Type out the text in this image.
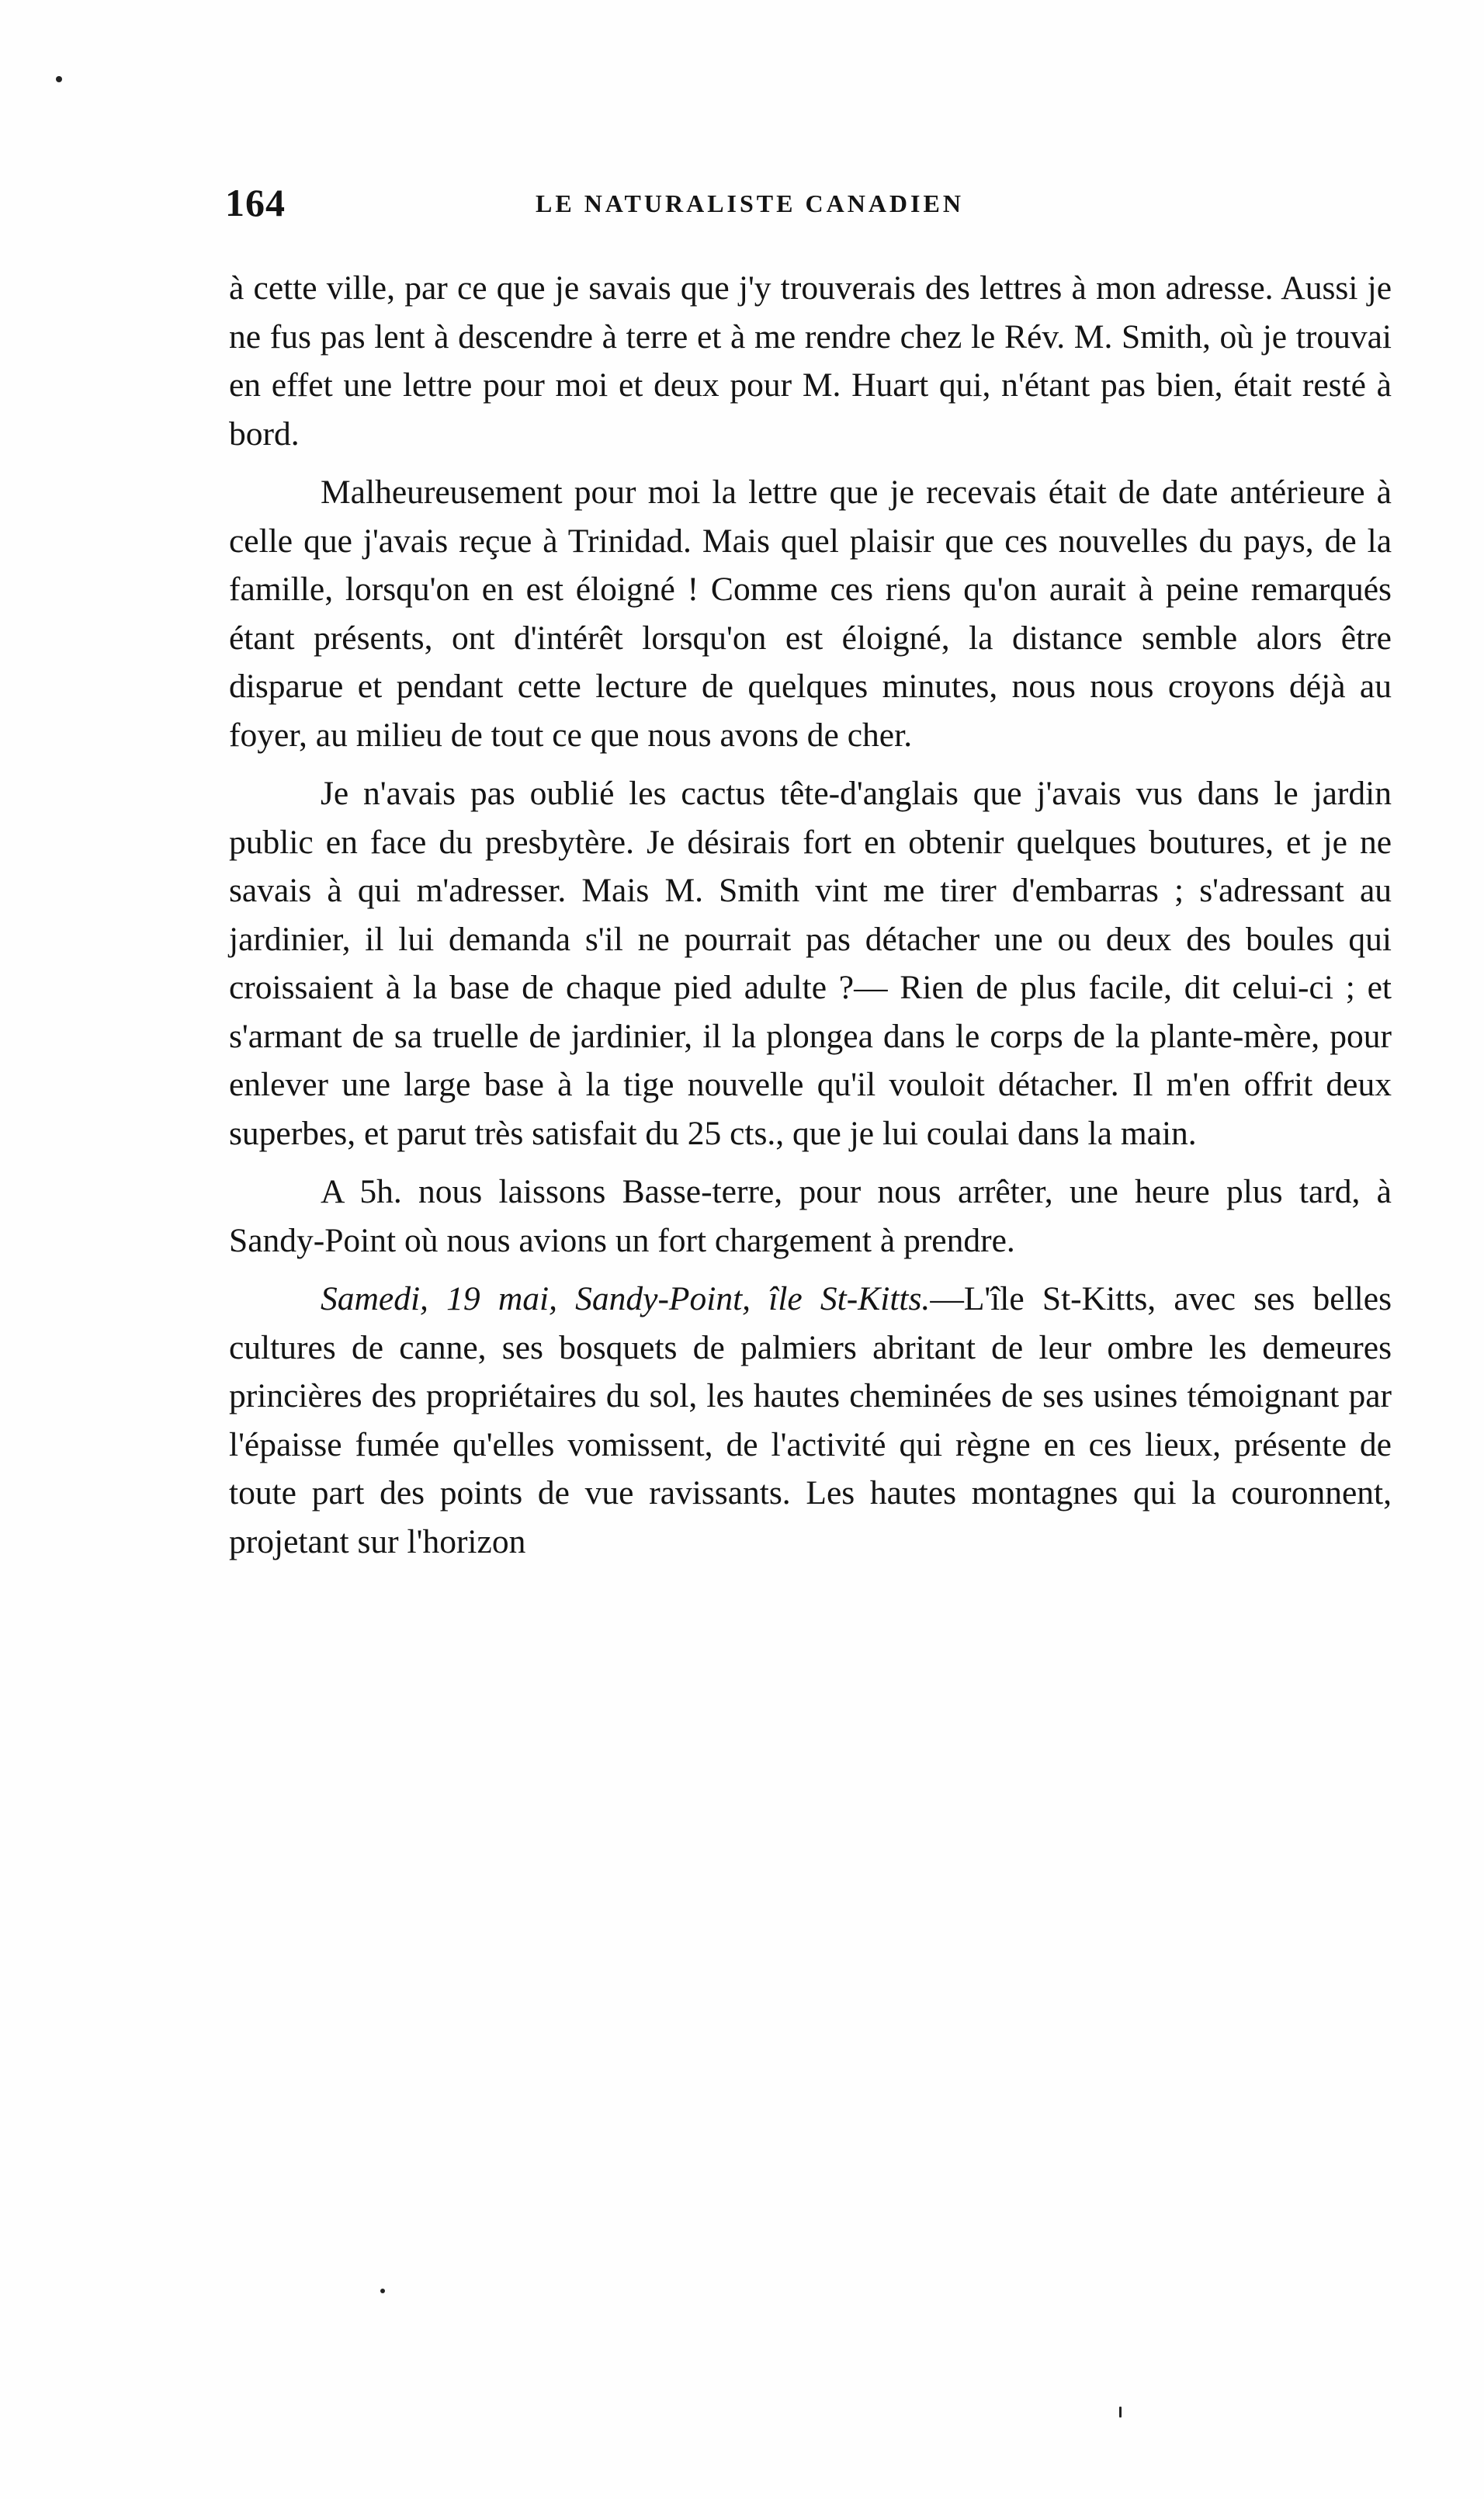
164	LE NATURALISTE CANADIEN

à cette ville, par ce que je savais que j'y trouverais des lettres à mon adresse. Aussi je ne fus pas lent à descendre à terre et à me rendre chez le Rév. M. Smith, où je trouvai en effet une lettre pour moi et deux pour M. Huart qui, n'étant pas bien, était resté à bord.

Malheureusement pour moi la lettre que je recevais était de date antérieure à celle que j'avais reçue à Trinidad. Mais quel plaisir que ces nouvelles du pays, de la famille, lorsqu'on en est éloigné ! Comme ces riens qu'on aurait à peine remarqués étant présents, ont d'intérêt lorsqu'on est éloigné, la distance semble alors être disparue et pendant cette lecture de quelques minutes, nous nous croyons déjà au foyer, au milieu de tout ce que nous avons de cher.

Je n'avais pas oublié les cactus tête-d'anglais que j'avais vus dans le jardin public en face du presbytère. Je désirais fort en obtenir quelques boutures, et je ne savais à qui m'adresser. Mais M. Smith vint me tirer d'embarras ; s'adressant au jardinier, il lui demanda s'il ne pourrait pas détacher une ou deux des boules qui croissaient à la base de chaque pied adulte ?— Rien de plus facile, dit celui-ci ; et s'armant de sa truelle de jardinier, il la plongea dans le corps de la plante-mère, pour enlever une large base à la tige nouvelle qu'il vouloit détacher. Il m'en offrit deux superbes, et parut très satisfait du 25 cts., que je lui coulai dans la main.

A 5h. nous laissons Basse-terre, pour nous arrêter, une heure plus tard, à Sandy-Point où nous avions un fort chargement à prendre.

Samedi, 19 mai, Sandy-Point, île St-Kitts.—L'île St-Kitts, avec ses belles cultures de canne, ses bosquets de palmiers abritant de leur ombre les demeures princières des propriétaires du sol, les hautes cheminées de ses usines témoignant par l'épaisse fumée qu'elles vomissent, de l'activité qui règne en ces lieux, présente de toute part des points de vue ravissants. Les hautes montagnes qui la couronnent, projetant sur l'horizon
